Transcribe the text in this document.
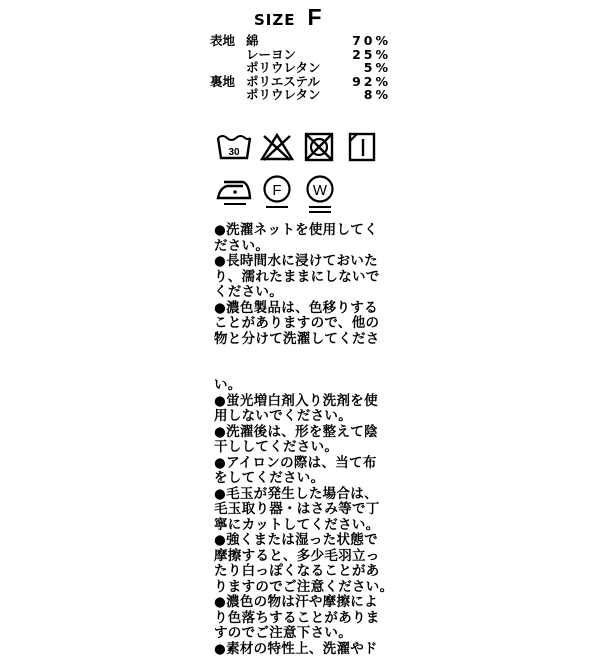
SIZE F
表地 綿	70%
レーヨン	25%
ポリウレタン	5%
裏地 ポリエステル	92%
ポリウレタン	8%
30
F W
●洗濯ネットを使用してく
ださい。
●長時間水に浸けておいた
り、濡れたままにしないで
ください。
●濃色製品は、色移りする
ことがありますので、他の
物と分けて洗濯してくださ
い。
●蛍光増白剤入り洗剤を使
用しないでください。
●洗濯後は、形を整えて陰
干ししてください。
●アイロンの際は、当て布
をしてください。
●毛玉が発生した場合は、
毛玉取り器・はさみ等で丁
寧にカットしてください。
●強くまたは湿った状態で
摩擦すると、多少毛羽立っ
たり白っぽくなることがあ
りますのでご注意ください。
●濃色の物は汗や摩擦によ
り色落ちすることがありま
すのでご注意下さい。
●素材の特性上、洗濯やド
